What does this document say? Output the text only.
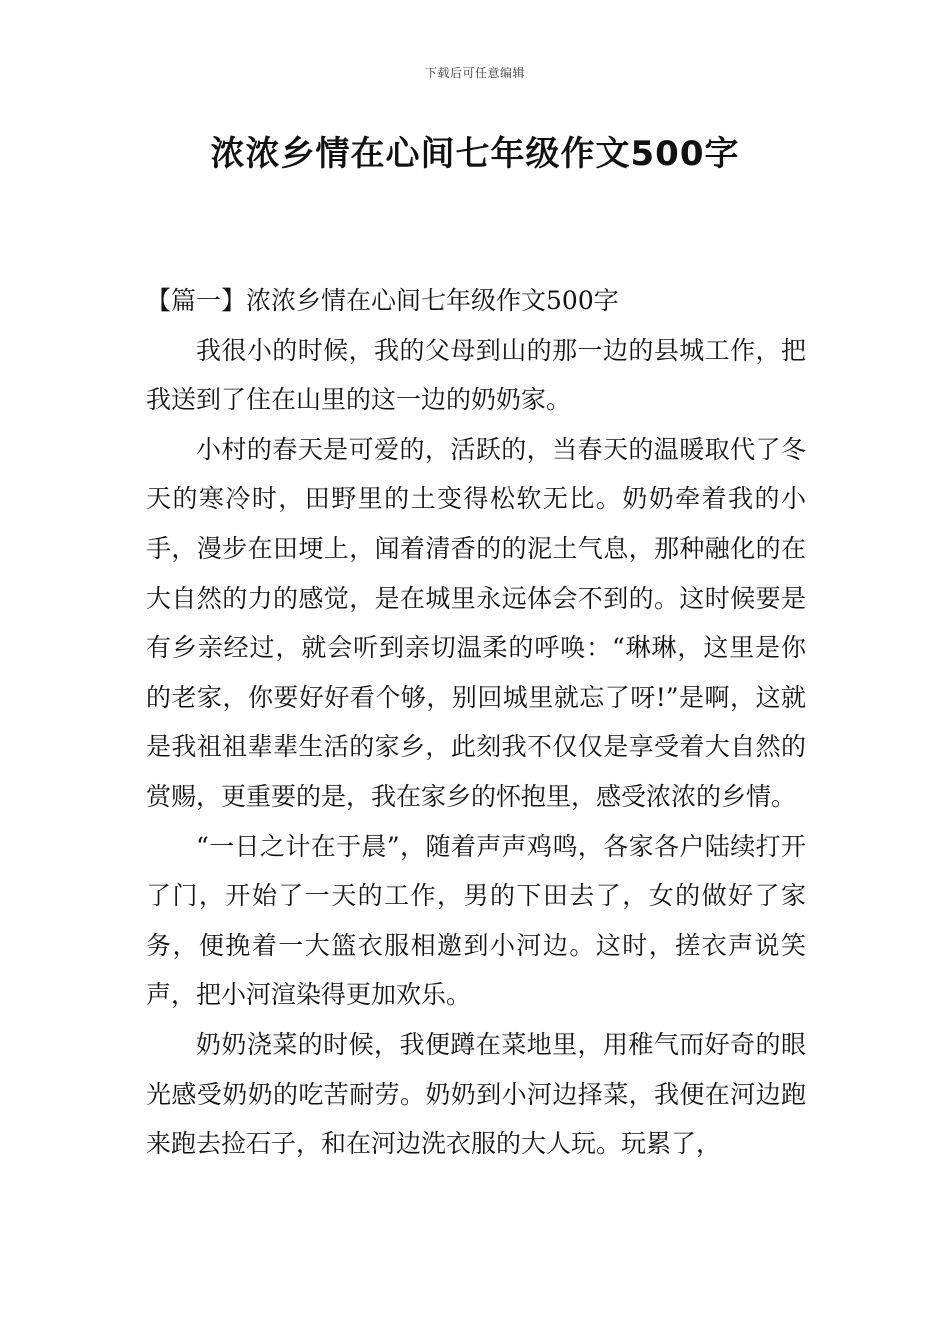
下载后可任意编辑
浓浓乡情在心间七年级作文500字
【篇一】浓浓乡情在心间七年级作文500字

我很小的时候，我的父母到山的那一边的县城工作，把我送到了住在山里的这一边的奶奶家。

小村的春天是可爱的，活跃的，当春天的温暖取代了冬天的寒冷时，田野里的土变得松软无比。奶奶牵着我的小手，漫步在田埂上，闻着清香的的泥土气息，那种融化的在大自然的力的感觉，是在城里永远体会不到的。这时候要是有乡亲经过，就会听到亲切温柔的呼唤：“琳琳，这里是你的老家，你要好好看个够，别回城里就忘了呀!”是啊，这就是我祖祖辈辈生活的家乡，此刻我不仅仅是享受着大自然的赏赐，更重要的是，我在家乡的怀抱里，感受浓浓的乡情。

“一日之计在于晨”，随着声声鸡鸣，各家各户陆续打开了门，开始了一天的工作，男的下田去了，女的做好了家务，便挽着一大篮衣服相邀到小河边。这时，搓衣声说笑声，把小河渲染得更加欢乐。

奶奶浇菜的时候，我便蹲在菜地里，用稚气而好奇的眼光感受奶奶的吃苦耐劳。奶奶到小河边择菜，我便在河边跑来跑去捡石子，和在河边洗衣服的大人玩。玩累了，
